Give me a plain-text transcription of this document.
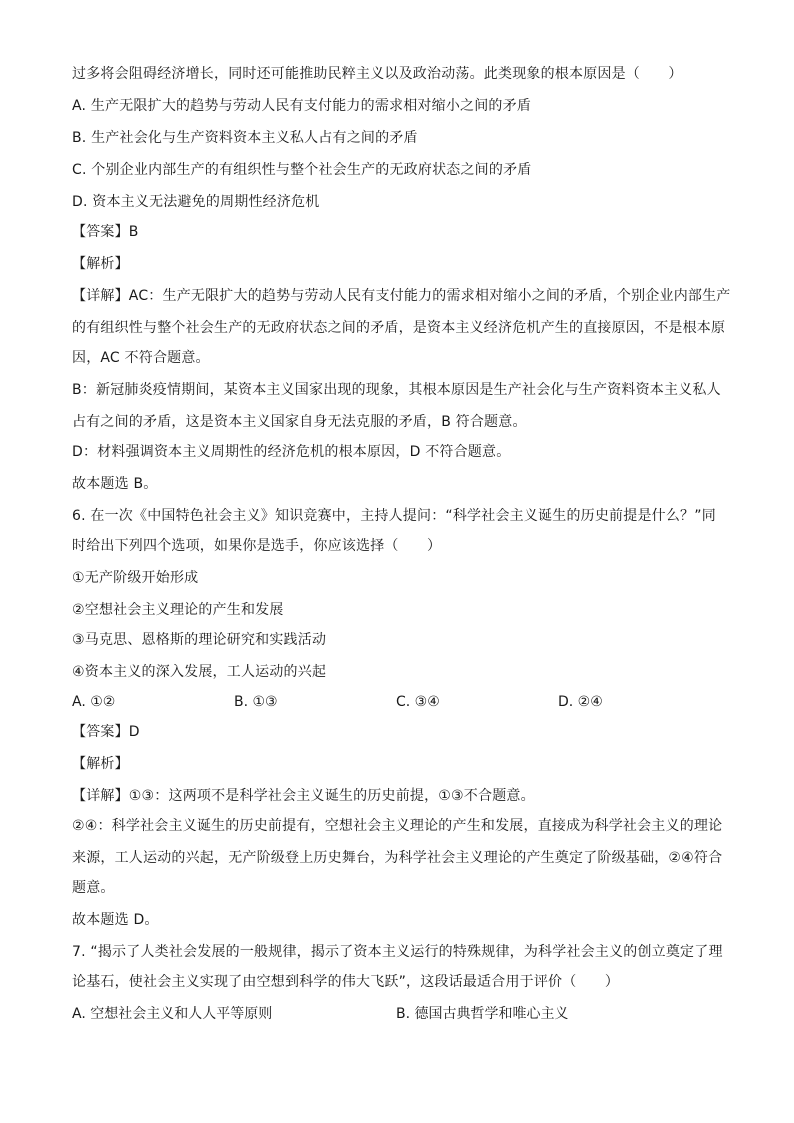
过多将会阻碍经济增长，同时还可能推助民粹主义以及政治动荡。此类现象的根本原因是（　　）
A. 生产无限扩大的趋势与劳动人民有支付能力的需求相对缩小之间的矛盾
B. 生产社会化与生产资料资本主义私人占有之间的矛盾
C. 个别企业内部生产的有组织性与整个社会生产的无政府状态之间的矛盾
D. 资本主义无法避免的周期性经济危机
【答案】B
【解析】
【详解】AC：生产无限扩大的趋势与劳动人民有支付能力的需求相对缩小之间的矛盾，个别企业内部生产
的有组织性与整个社会生产的无政府状态之间的矛盾，是资本主义经济危机产生的直接原因，不是根本原
因，AC 不符合题意。
B：新冠肺炎疫情期间，某资本主义国家出现的现象，其根本原因是生产社会化与生产资料资本主义私人
占有之间的矛盾，这是资本主义国家自身无法克服的矛盾，B 符合题意。
D：材料强调资本主义周期性的经济危机的根本原因，D 不符合题意。
故本题选 B。
6. 在一次《中国特色社会主义》知识竞赛中，主持人提问：“科学社会主义诞生的历史前提是什么？”同
时给出下列四个选项，如果你是选手，你应该选择（　　）
①无产阶级开始形成
②空想社会主义理论的产生和发展
③马克思、恩格斯的理论研究和实践活动
④资本主义的深入发展，工人运动的兴起
A. ①②	B. ①③	C. ③④	D. ②④
【答案】D
【解析】
【详解】①③：这两项不是科学社会主义诞生的历史前提，①③不合题意。
②④：科学社会主义诞生的历史前提有，空想社会主义理论的产生和发展，直接成为科学社会主义的理论
来源，工人运动的兴起，无产阶级登上历史舞台，为科学社会主义理论的产生奠定了阶级基础，②④符合
题意。
故本题选 D。
7. “揭示了人类社会发展的一般规律，揭示了资本主义运行的特殊规律，为科学社会主义的创立奠定了理
论基石，使社会主义实现了由空想到科学的伟大飞跃”，这段话最适合用于评价（　　）
A. 空想社会主义和人人平等原则	B. 德国古典哲学和唯心主义
